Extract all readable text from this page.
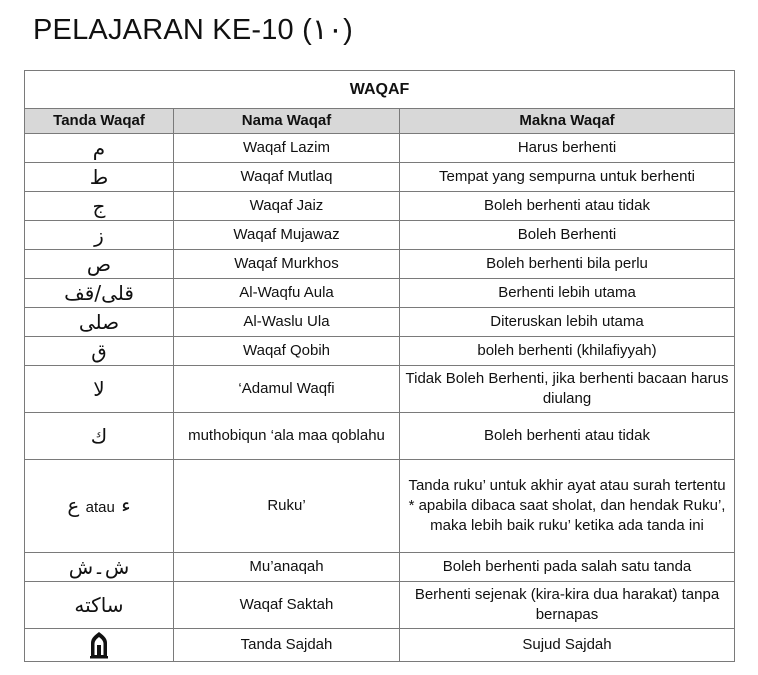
PELAJARAN KE-10 (١٠)
WAQAF		
Tanda Waqaf	Nama Waqaf	Makna Waqaf
م	Waqaf Lazim	Harus berhenti
ط	Waqaf Mutlaq	Tempat yang sempurna untuk berhenti
ج	Waqaf Jaiz	Boleh berhenti atau tidak
ز	Waqaf Mujawaz	Boleh Berhenti
ص	Waqaf Murkhos	Boleh berhenti bila perlu
قلى/قف	Al-Waqfu Aula	Berhenti lebih utama
صلى	Al-Waslu Ula	Diteruskan lebih utama
ق	Waqaf Qobih	boleh berhenti (khilafiyyah)
لا	‘Adamul Waqfi	Tidak Boleh Berhenti, jika berhenti bacaan harus diulang
ك	muthobiqun ‘ala maa qoblahu	Boleh berhenti atau tidak
ع atau ء	Ruku’	Tanda ruku’ untuk akhir ayat atau surah tertentu * apabila dibaca saat sholat, dan hendak Ruku’, maka lebih baik ruku’ ketika ada tanda ini
ش۔ش	Mu’anaqah	Boleh berhenti pada salah satu tanda
ساكته	Waqaf Saktah	Berhenti sejenak (kira-kira dua harakat) tanpa bernapas
	Tanda Sajdah	Sujud Sajdah
